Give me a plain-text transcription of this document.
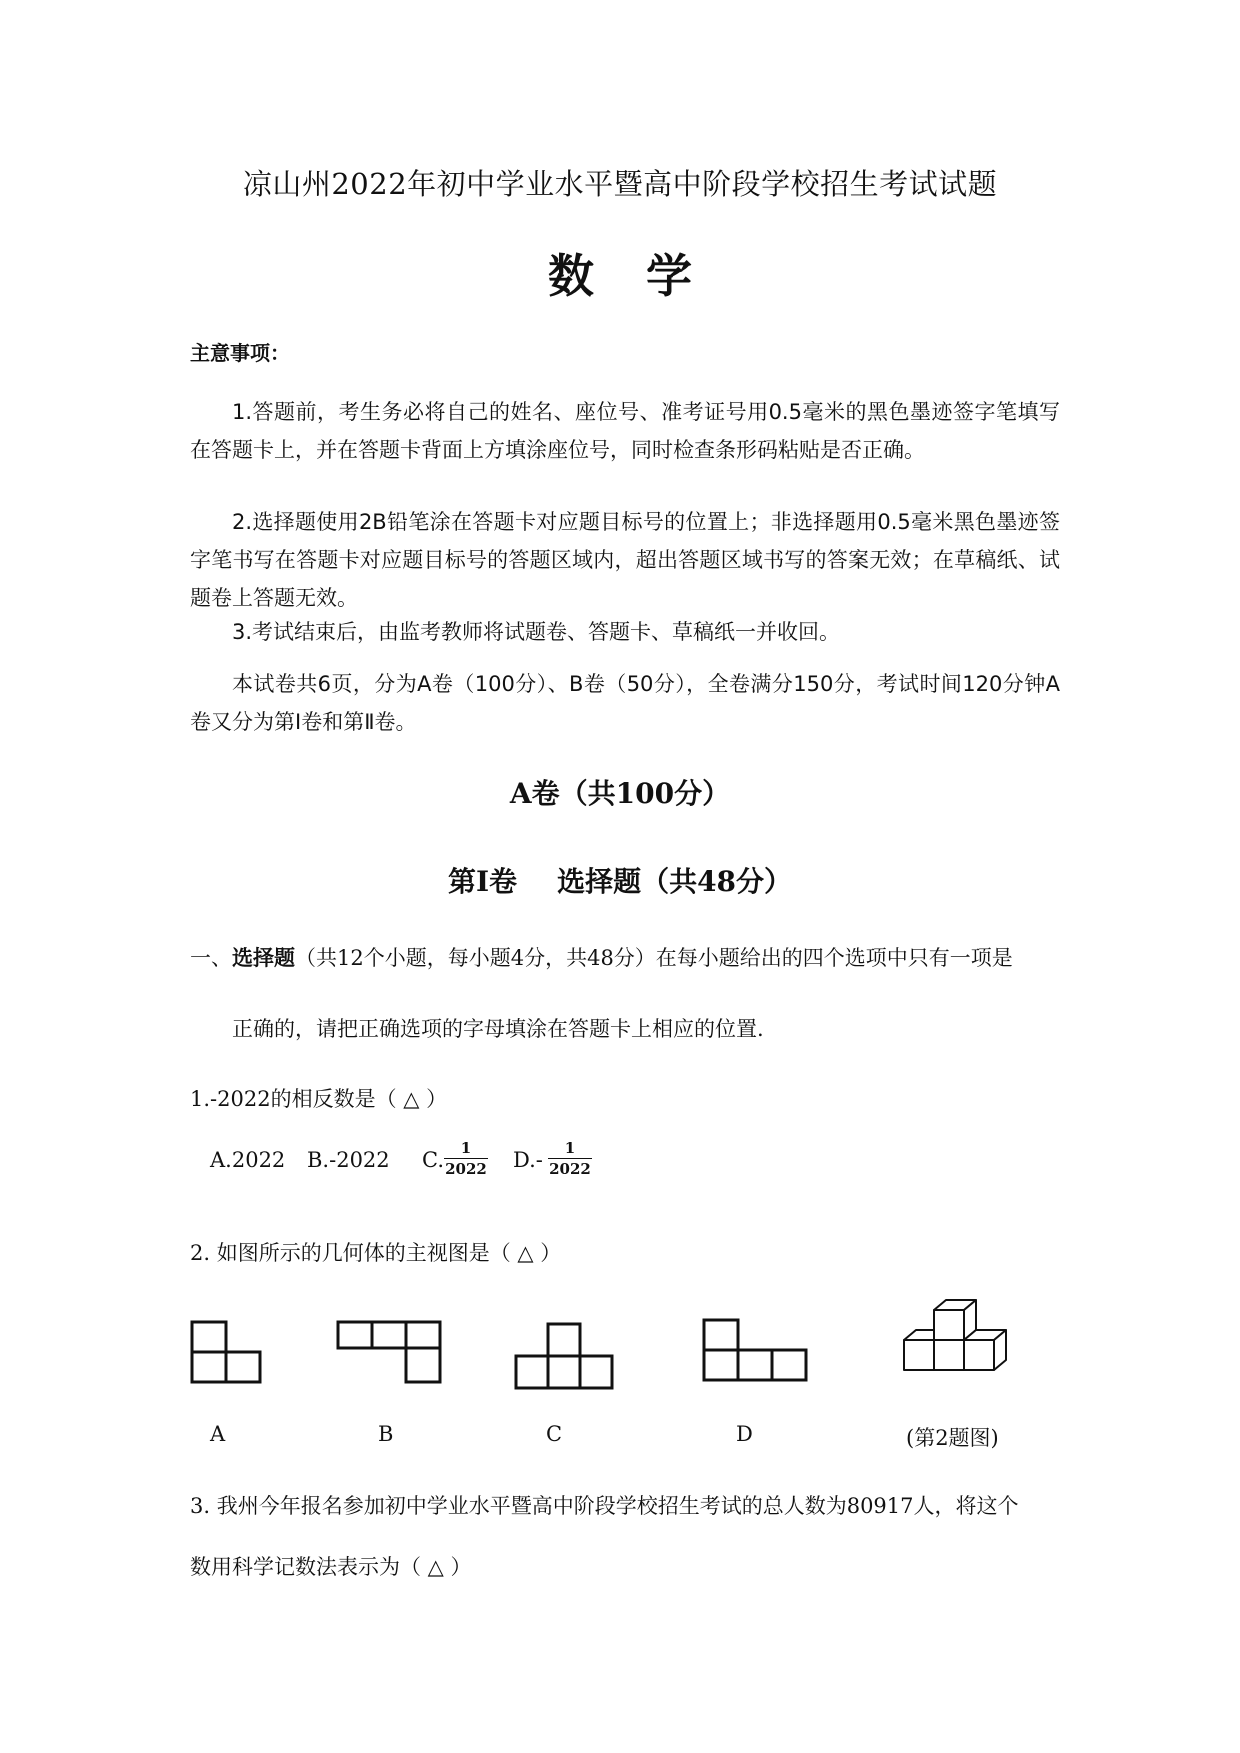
凉山州2022年初中学业水平暨高中阶段学校招生考试试题
数学
主意事项：
1.答题前，考生务必将自己的姓名、座位号、准考证号用0.5毫米的黑色墨迹签字笔填写在答题卡上，并在答题卡背面上方填涂座位号，同时检查条形码粘贴是否正确。
2.选择题使用2B铅笔涂在答题卡对应题目标号的位置上；非选择题用0.5毫米黑色墨迹签字笔书写在答题卡对应题目标号的答题区域内，超出答题区域书写的答案无效；在草稿纸、试题卷上答题无效。
3.考试结束后，由监考教师将试题卷、答题卡、草稿纸一并收回。
本试卷共6页，分为A卷（100分）、B卷（50分），全卷满分150分，考试时间120分钟A卷又分为第Ⅰ卷和第Ⅱ卷。
A卷（共100分）
第Ⅰ卷 选择题（共48分）
一、选择题（共12个小题，每小题4分，共48分）在每小题给出的四个选项中只有一项是
正确的，请把正确选项的字母填涂在答题卡上相应的位置.
1.-2022的相反数是（ △ ）
A.2022 B.-2022 C. $\frac{1}{2022} D.- \frac{1}{2022}$
2. 如图所示的几何体的主视图是（ △ ）
A	B	C	D	(第2题图)
3. 我州今年报名参加初中学业水平暨高中阶段学校招生考试的总人数为80917人，将这个
数用科学记数法表示为（ △ ）
